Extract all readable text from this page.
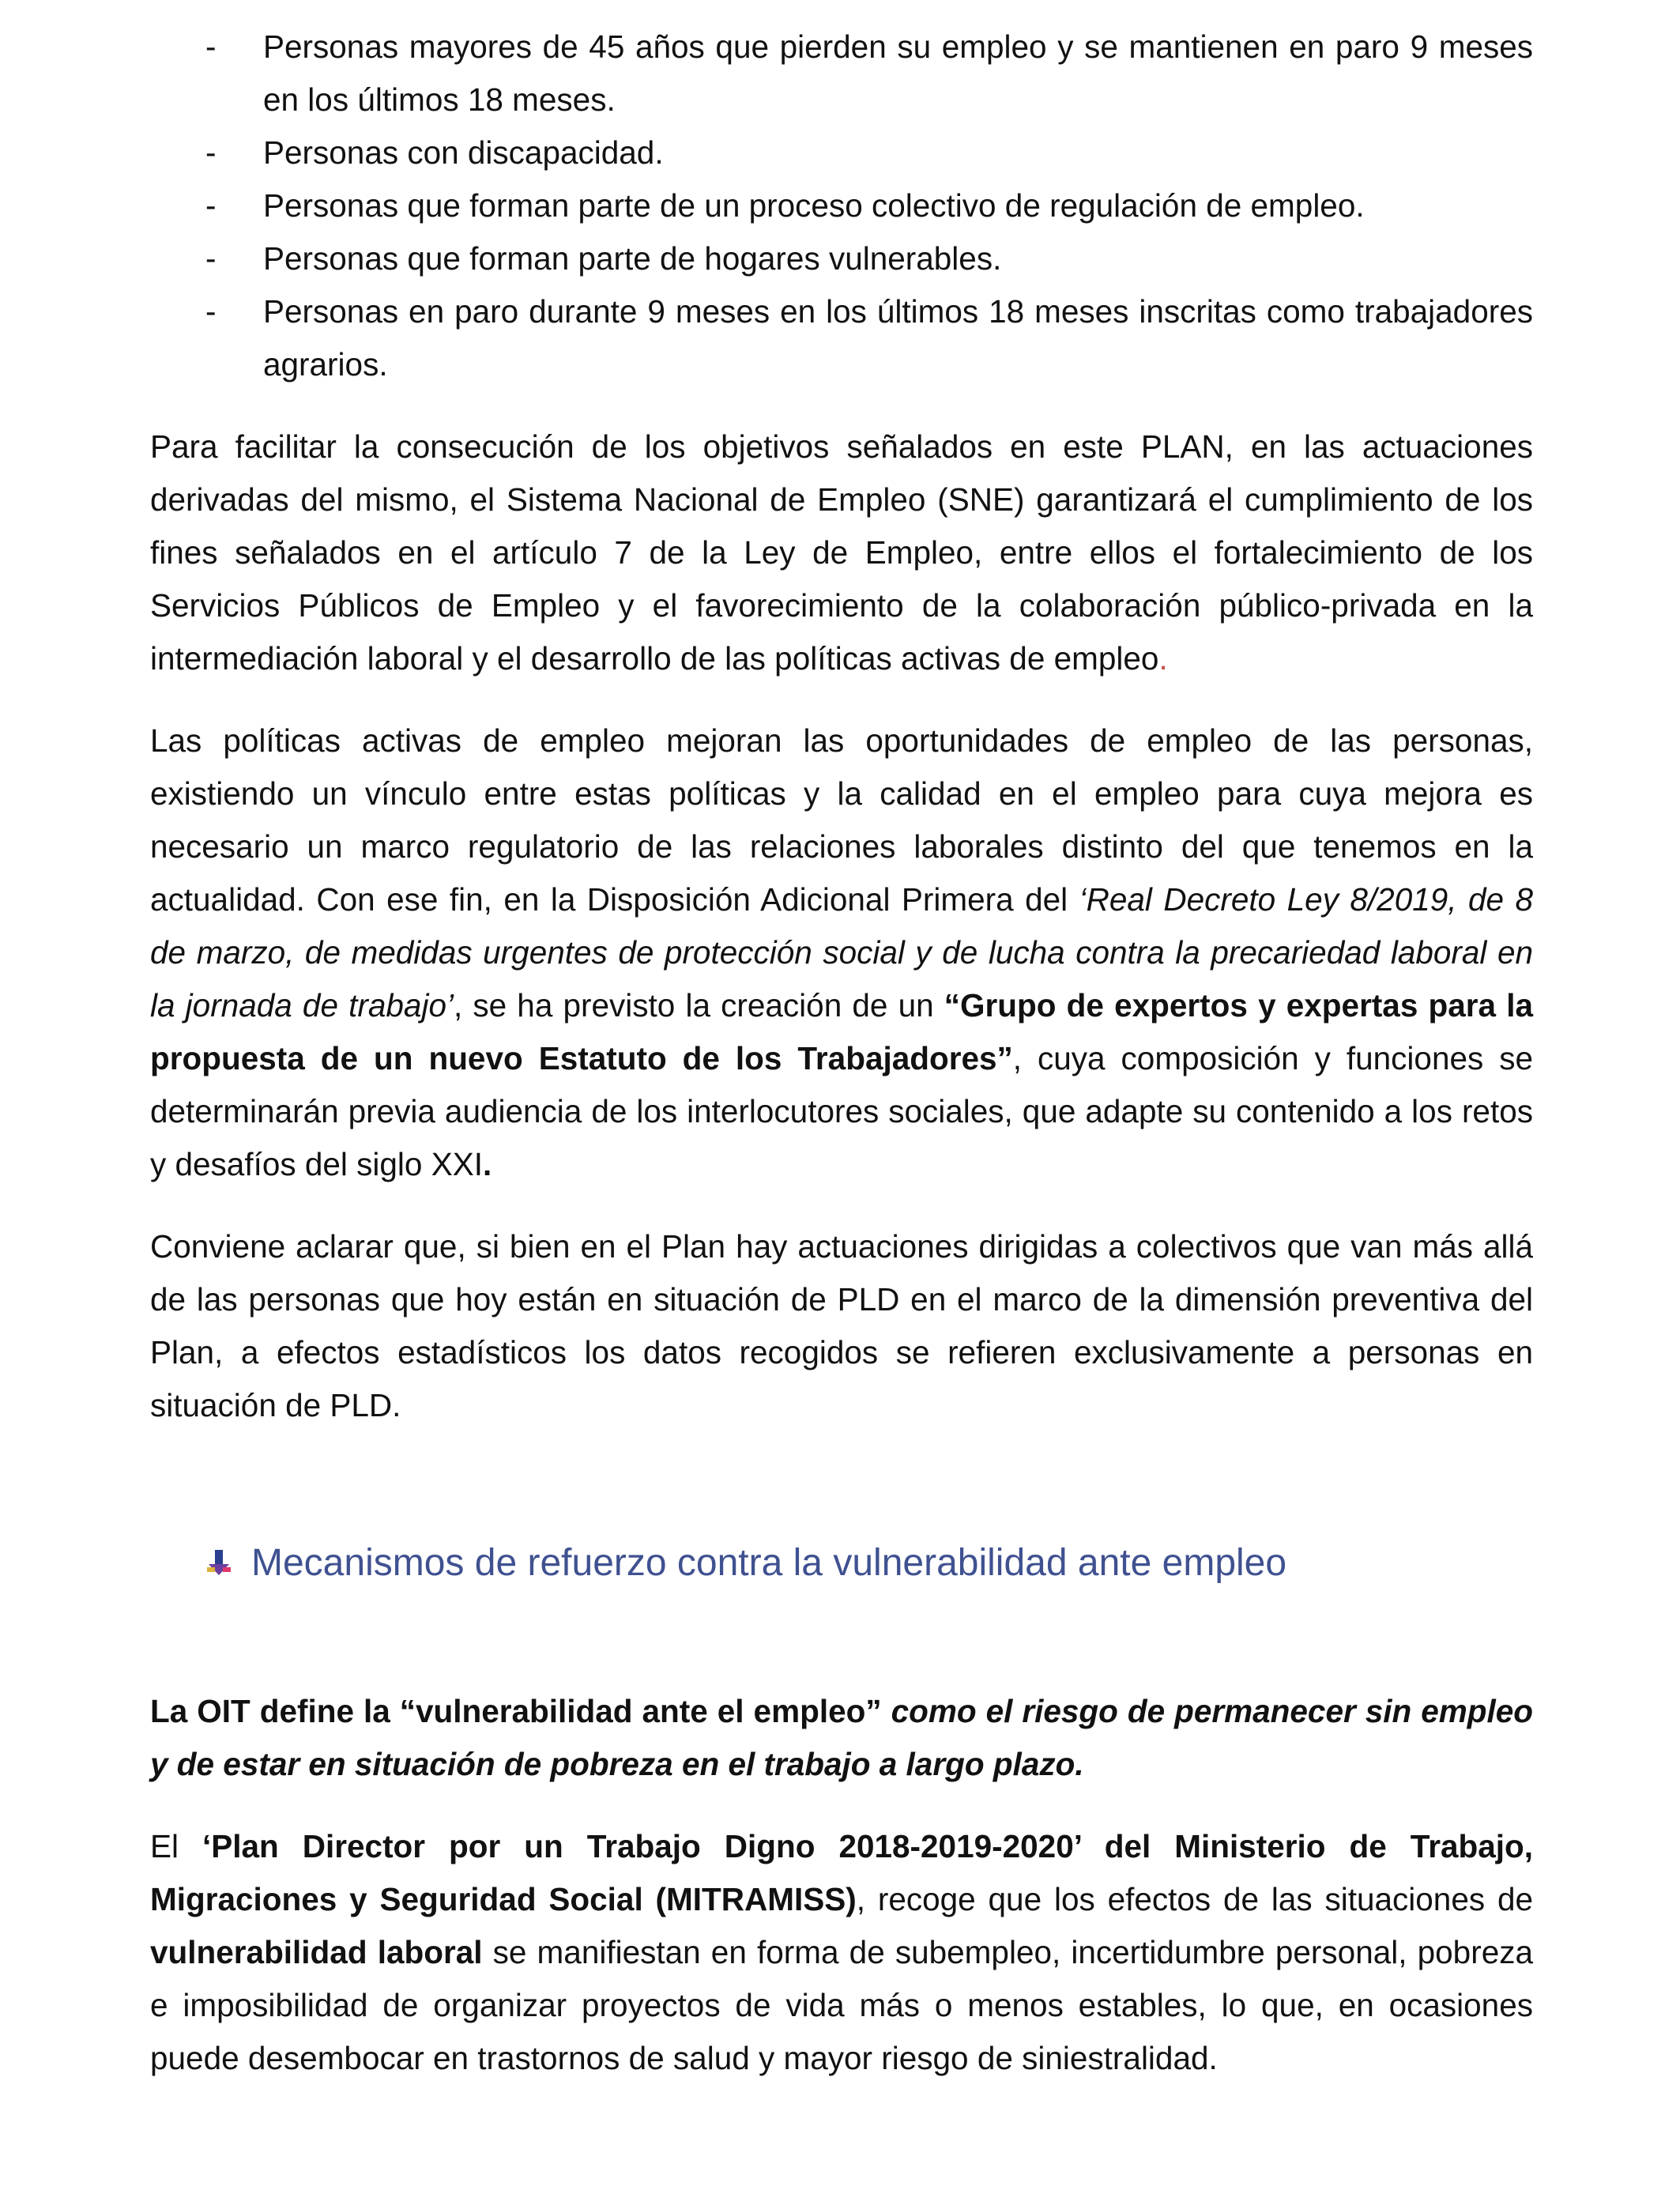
- Personas mayores de 45 años que pierden su empleo y se mantienen en paro 9 meses en los últimos 18 meses.
- Personas con discapacidad.
- Personas que forman parte de un proceso colectivo de regulación de empleo.
- Personas que forman parte de hogares vulnerables.
- Personas en paro durante 9 meses en los últimos 18 meses inscritas como trabajadores agrarios.

Para facilitar la consecución de los objetivos señalados en este PLAN, en las actuaciones derivadas del mismo, el Sistema Nacional de Empleo (SNE) garantizará el cumplimiento de los fines señalados en el artículo 7 de la Ley de Empleo, entre ellos el fortalecimiento de los Servicios Públicos de Empleo y el favorecimiento de la colaboración público-privada en la intermediación laboral y el desarrollo de las políticas activas de empleo.

Las políticas activas de empleo mejoran las oportunidades de empleo de las personas, existiendo un vínculo entre estas políticas y la calidad en el empleo para cuya mejora es necesario un marco regulatorio de las relaciones laborales distinto del que tenemos en la actualidad. Con ese fin, en la Disposición Adicional Primera del ‘Real Decreto Ley 8/2019, de 8 de marzo, de medidas urgentes de protección social y de lucha contra la precariedad laboral en la jornada de trabajo’, se ha previsto la creación de un “Grupo de expertos y expertas para la propuesta de un nuevo Estatuto de los Trabajadores”, cuya composición y funciones se determinarán previa audiencia de los interlocutores sociales, que adapte su contenido a los retos y desafíos del siglo XXI.

Conviene aclarar que, si bien en el Plan hay actuaciones dirigidas a colectivos que van más allá de las personas que hoy están en situación de PLD en el marco de la dimensión preventiva del Plan, a efectos estadísticos los datos recogidos se refieren exclusivamente a personas en situación de PLD.

Mecanismos de refuerzo contra la vulnerabilidad ante empleo

La OIT define la “vulnerabilidad ante el empleo” como el riesgo de permanecer sin empleo y de estar en situación de pobreza en el trabajo a largo plazo.

El ‘Plan Director por un Trabajo Digno 2018-2019-2020’ del Ministerio de Trabajo, Migraciones y Seguridad Social (MITRAMISS), recoge que los efectos de las situaciones de vulnerabilidad laboral se manifiestan en forma de subempleo, incertidumbre personal, pobreza e imposibilidad de organizar proyectos de vida más o menos estables, lo que, en ocasiones puede desembocar en trastornos de salud y mayor riesgo de siniestralidad.
